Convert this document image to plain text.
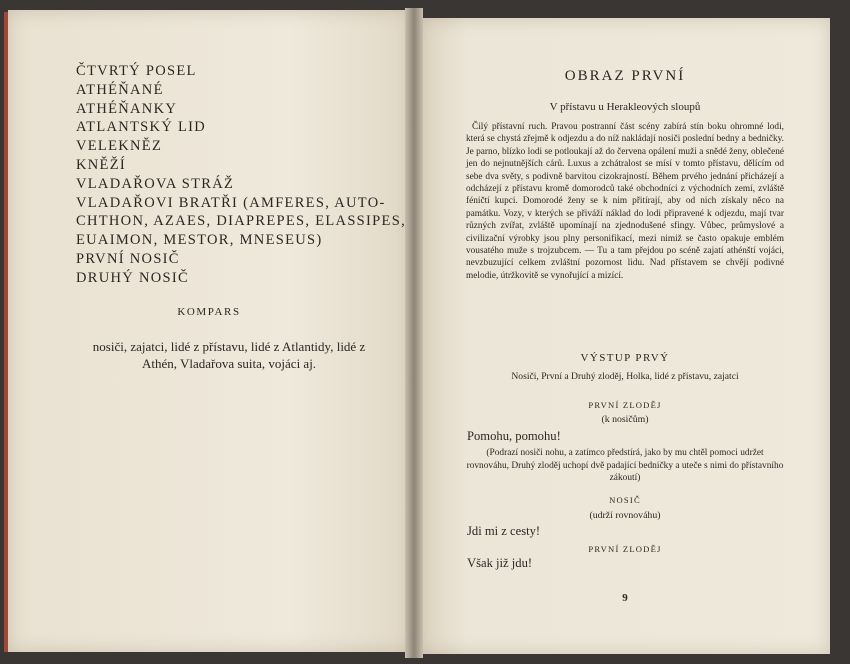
ČTVRTÝ POSEL
ATHÉŇANÉ
ATHÉŇANKY
ATLANTSKÝ LID
VELEKNĚZ
KNĚŽÍ
VLADAŘOVA STRÁŽ
VLADAŘOVI BRATŘI (AMFERES, AUTO-
CHTHON, AZAES, DIAPREPES, ELASSIPES,
EUAIMON, MESTOR, MNESEUS)
PRVNÍ NOSIČ
DRUHÝ NOSIČ
KOMPARS
nosiči, zajatci, lidé z přístavu, lidé z Atlantidy, lidé z Athén, Vladařova suita, vojáci aj.
OBRAZ PRVNÍ
V přístavu u Herakleových sloupů
Čilý přístavní ruch. Pravou postranní část scény zabírá stín boku ohromné lodi, která se chystá zřejmě k odjezdu a do níž nakládají nosiči poslední bedny a bedničky. Je parno, blízko lodi se potloukají až do červena opálení muži a snědé ženy, oblečené jen do nejnutnějších cárů. Luxus a zchátralost se mísí v tomto přístavu, dělícím od sebe dva světy, s podivně barvitou cizokrajností. Během prvého jednání přicházejí a odcházejí z přístavu kromě domorodců také obchodníci z východních zemí, zvláště féničtí kupci. Domorodé ženy se k nim přitírají, aby od nich získaly něco na památku. Vozy, v kterých se přiváží náklad do lodi připravené k odjezdu, mají tvar různých zvířat, zvláště upomínají na zjednodušené sfingy. Vůbec, průmyslové a civilizační výrobky jsou plny personifikací, mezi nimiž se často opakuje emblém vousatého muže s trojzubcem. — Tu a tam přejdou po scéně zajatí athénští vojáci, nevzbuzující celkem zvláštní pozornost lidu. Nad přístavem se chvějí podivné melodie, útržkovitě se vynořující a mizící.
VÝSTUP PRVÝ
Nosiči, První a Druhý zloděj, Holka, lidé z přístavu, zajatci
PRVNÍ ZLODĚJ
(k nosičům)
Pomohu, pomohu!
(Podrazí nosiči nohu, a zatímco předstírá, jako by mu chtěl pomoci udržet rovnováhu, Druhý zloděj uchopí dvě padající bedničky a uteče s nimi do přístavního zákoutí)
NOSIČ
(udrží rovnováhu)
Jdi mi z cesty!
PRVNÍ ZLODĚJ
Však již jdu!
9
